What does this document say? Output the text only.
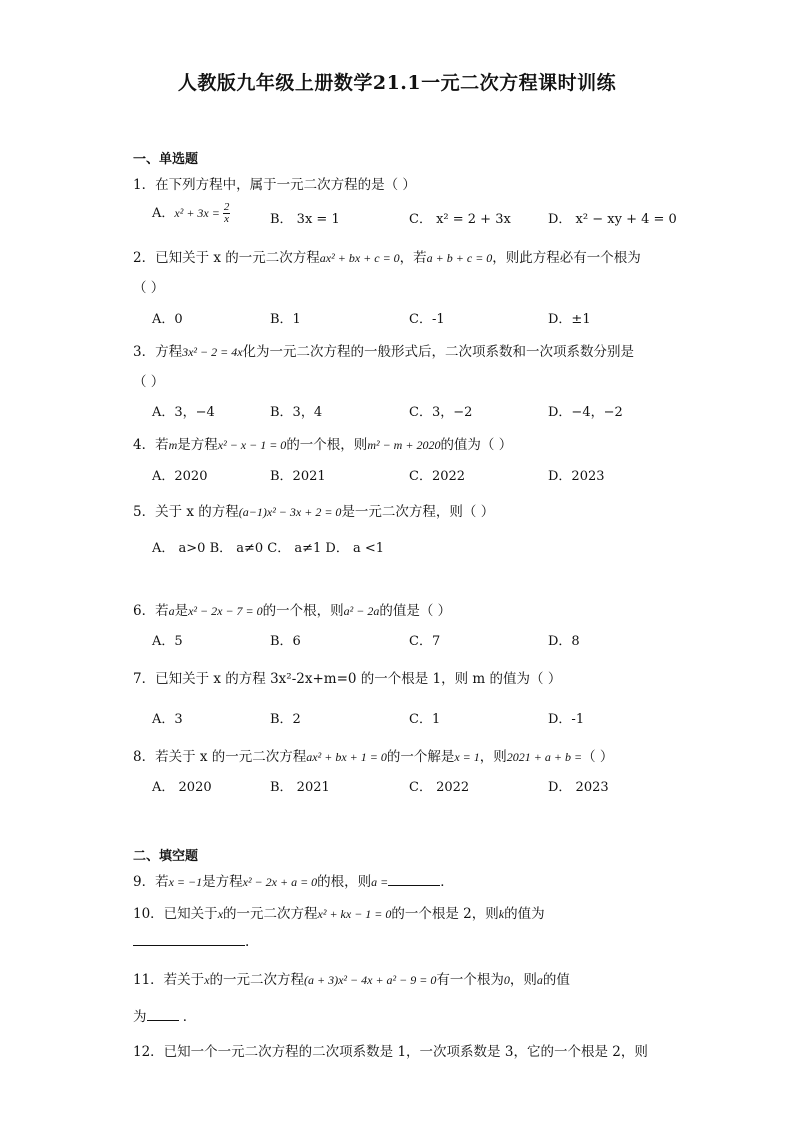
人教版九年级上册数学21.1一元二次方程课时训练
一、单选题
1．在下列方程中，属于一元二次方程的是（ ）
A．$x^2 + 3x = \frac{2}{x}$	B． 3x = 1	C． x² = 2 + 3x	D． x² − xy + 4 = 0
2．已知关于 x 的一元二次方程ax² + bx + c = 0，若a + b + c = 0，则此方程必有一个根为
（ ）
A．0	B．1	C．-1	D．±1
3．方程3x² − 2 = 4x化为一元二次方程的一般形式后，二次项系数和一次项系数分别是
（ ）
A．3，−4	B．3，4	C．3，−2	D．−4，−2
4．若m是方程x² − x − 1 = 0的一个根，则m² − m + 2020的值为（ ）
A．2020	B．2021	C．2022	D．2023
5．关于 x 的方程(a−1)x² − 3x + 2 = 0是一元二次方程，则（ ）
A． a>0 B． a≠0 C． a≠1 D． a <1
6．若a是x² − 2x − 7 = 0的一个根，则a² − 2a的值是（ ）
A．5	B．6	C．7	D．8
7．已知关于 x 的方程 3x²-2x+m=0 的一个根是 1，则 m 的值为（ ）
A．3	B．2	C．1	D．-1
8．若关于 x 的一元二次方程ax² + bx + 1 = 0的一个解是x = 1，则2021 + a + b =（ ）
A． 2020	B． 2021	C． 2022	D． 2023
二、填空题
9．若x = −1是方程x² − 2x + a = 0的根，则a =	．
10．已知关于x的一元二次方程x² + kx − 1 = 0的一个根是 2，则k的值为
.
11．若关于x的一元二次方程(a + 3)x² − 4x + a² − 9 = 0有一个根为0，则a的值
为 ．
12．已知一个一元二次方程的二次项系数是 1，一次项系数是 3，它的一个根是 2，则
